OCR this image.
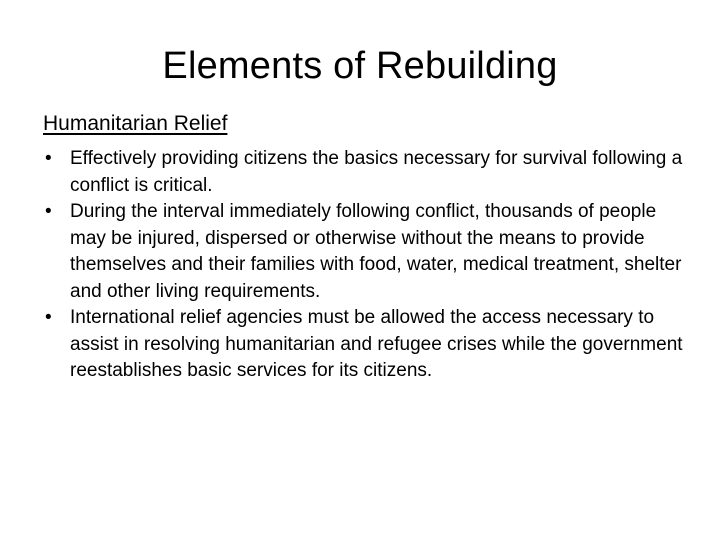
Elements of Rebuilding
Humanitarian Relief
• Effectively providing citizens the basics necessary for survival following a conflict is critical.
• During the interval immediately following conflict, thousands of people may be injured, dispersed or otherwise without the means to provide themselves and their families with food, water, medical treatment, shelter and other living requirements.
• International relief agencies must be allowed the access necessary to assist in resolving humanitarian and refugee crises while the government reestablishes basic services for its citizens.
